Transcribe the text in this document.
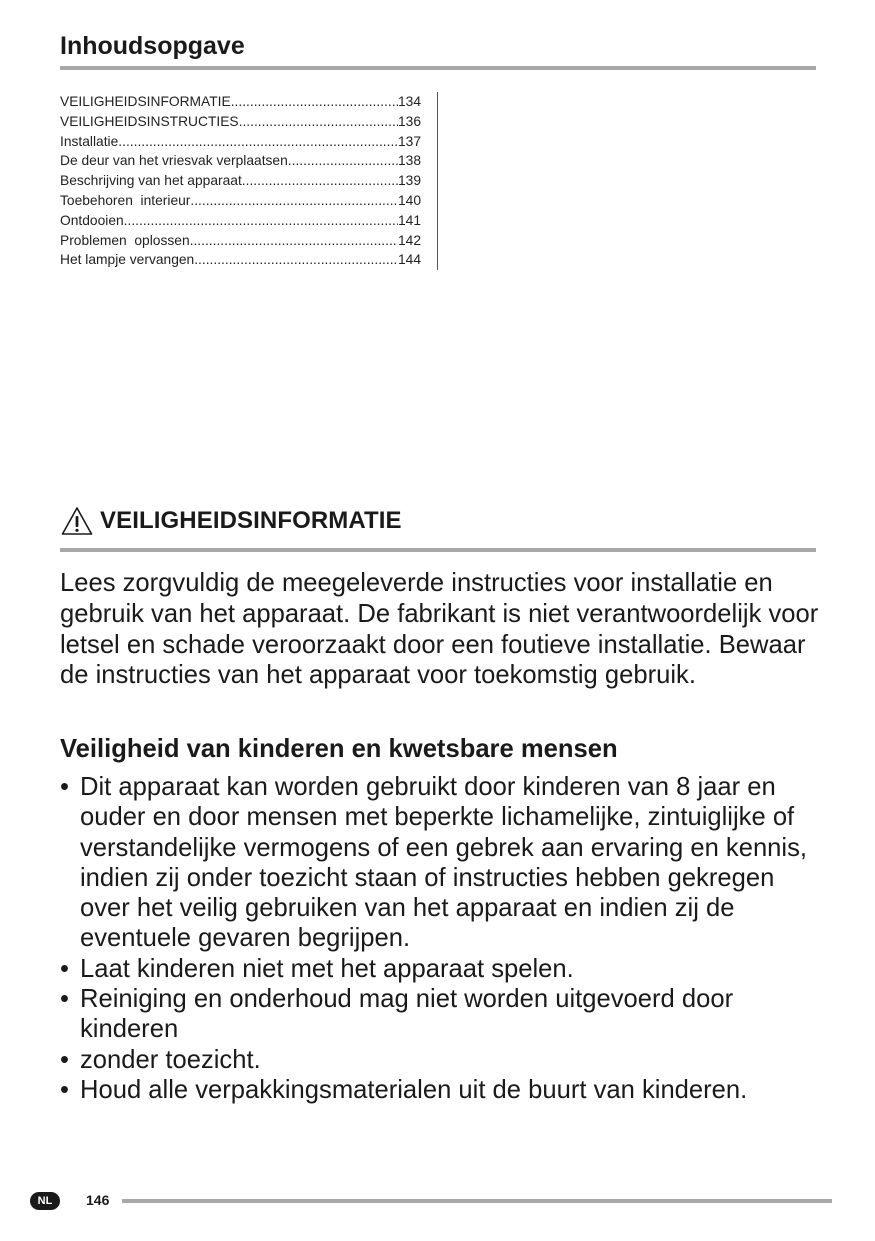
Inhoudsopgave
VEILIGHEIDSINFORMATIE .....	134
VEILIGHEIDSINSTRUCTIES .....	136
Installatie .....	137
De deur van het vriesvak verplaatsen .....	138
Beschrijving van het apparaat .....	139
Toebehoren  interieur .....	140
Ontdooien .....	141
Problemen  oplossen .....	142
Het lampje vervangen .....	144
VEILIGHEIDSINFORMATIE
Lees zorgvuldig de meegeleverde instructies voor installatie en gebruik van het apparaat. De fabrikant is niet verantwoordelijk voor letsel en schade veroorzaakt door een foutieve installatie. Bewaar de instructies van het apparaat voor toekomstig gebruik.
Veiligheid van kinderen en kwetsbare mensen
• Dit apparaat kan worden gebruikt door kinderen van 8 jaar en ouder en door mensen met beperkte lichamelijke, zintuiglijke of verstandelijke vermogens of een gebrek aan ervaring en kennis, indien zij onder toezicht staan of instructies hebben gekregen over het veilig gebruiken van het apparaat en indien zij de eventuele gevaren begrijpen.
• Laat kinderen niet met het apparaat spelen.
• Reiniging en onderhoud mag niet worden uitgevoerd door kinderen
• zonder toezicht.
• Houd alle verpakkingsmaterialen uit de buurt van kinderen.
NL	146
